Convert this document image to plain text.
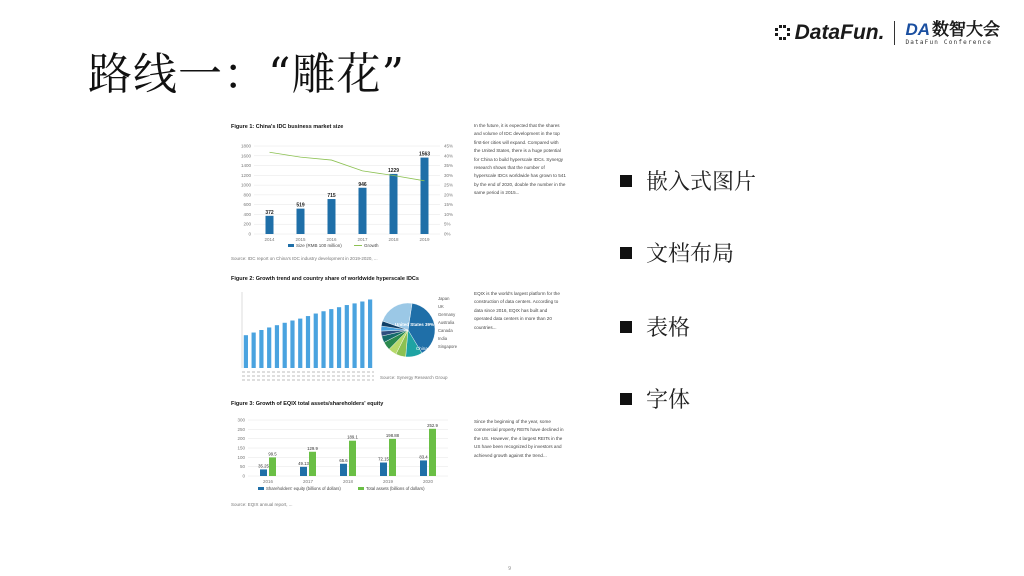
路线一：“雕花”
DataFun. DA 数智大会
DataFun Conference
Figure 1: China's IDC business market size
0
200
400
600
800
1000
1200
1400
1600
1800
0%
5%
10%
15%
20%
25%
30%
35%
40%
45%
372
2014
519
2015
715
2016
946
2017
1229
2018
1563
2019
Size (RMB 100 million)	Growth
Source: IDC report on China's IDC industry development in 2019-2020, ...
Figure 2: Growth trend and country share of worldwide hyperscale IDCs
United States 39%
China
Japan
UK
Germany
Australia
Canada
India
Singapore
Source: Synergy Research Group
Figure 3: Growth of EQIX total assets/shareholders' equity
0
50
100
150
200
250
300
35.25
99.5
2016
49.13
129.9
2017
65.6
189.1
2018
72.15
198.88
2019
83.4
252.9
2020
Shareholders' equity (billions of dollars)	Total assets (billions of dollars)
Source: EQIX annual report, ...
In the future, it is expected that the shares and volume of IDC development in the top first-tier cities will expand. Compared with the United States, there is a huge potential for China to build hyperscale IDCs. Synergy research shows that the number of hyperscale IDCs worldwide has grown to 541 by the end of 2020, double the number in the same period in 2015...
EQIX is the world's largest platform for the construction of data centers. According to data since 2016, EQIX has built and operated data centers in more than 20 countries...
Since the beginning of the year, some commercial property REITs have declined in the US. However, the 4 largest REITs in the US have been recognized by investors and achieved growth against the trend...
嵌入式图片
文档布局
表格
字体
9
